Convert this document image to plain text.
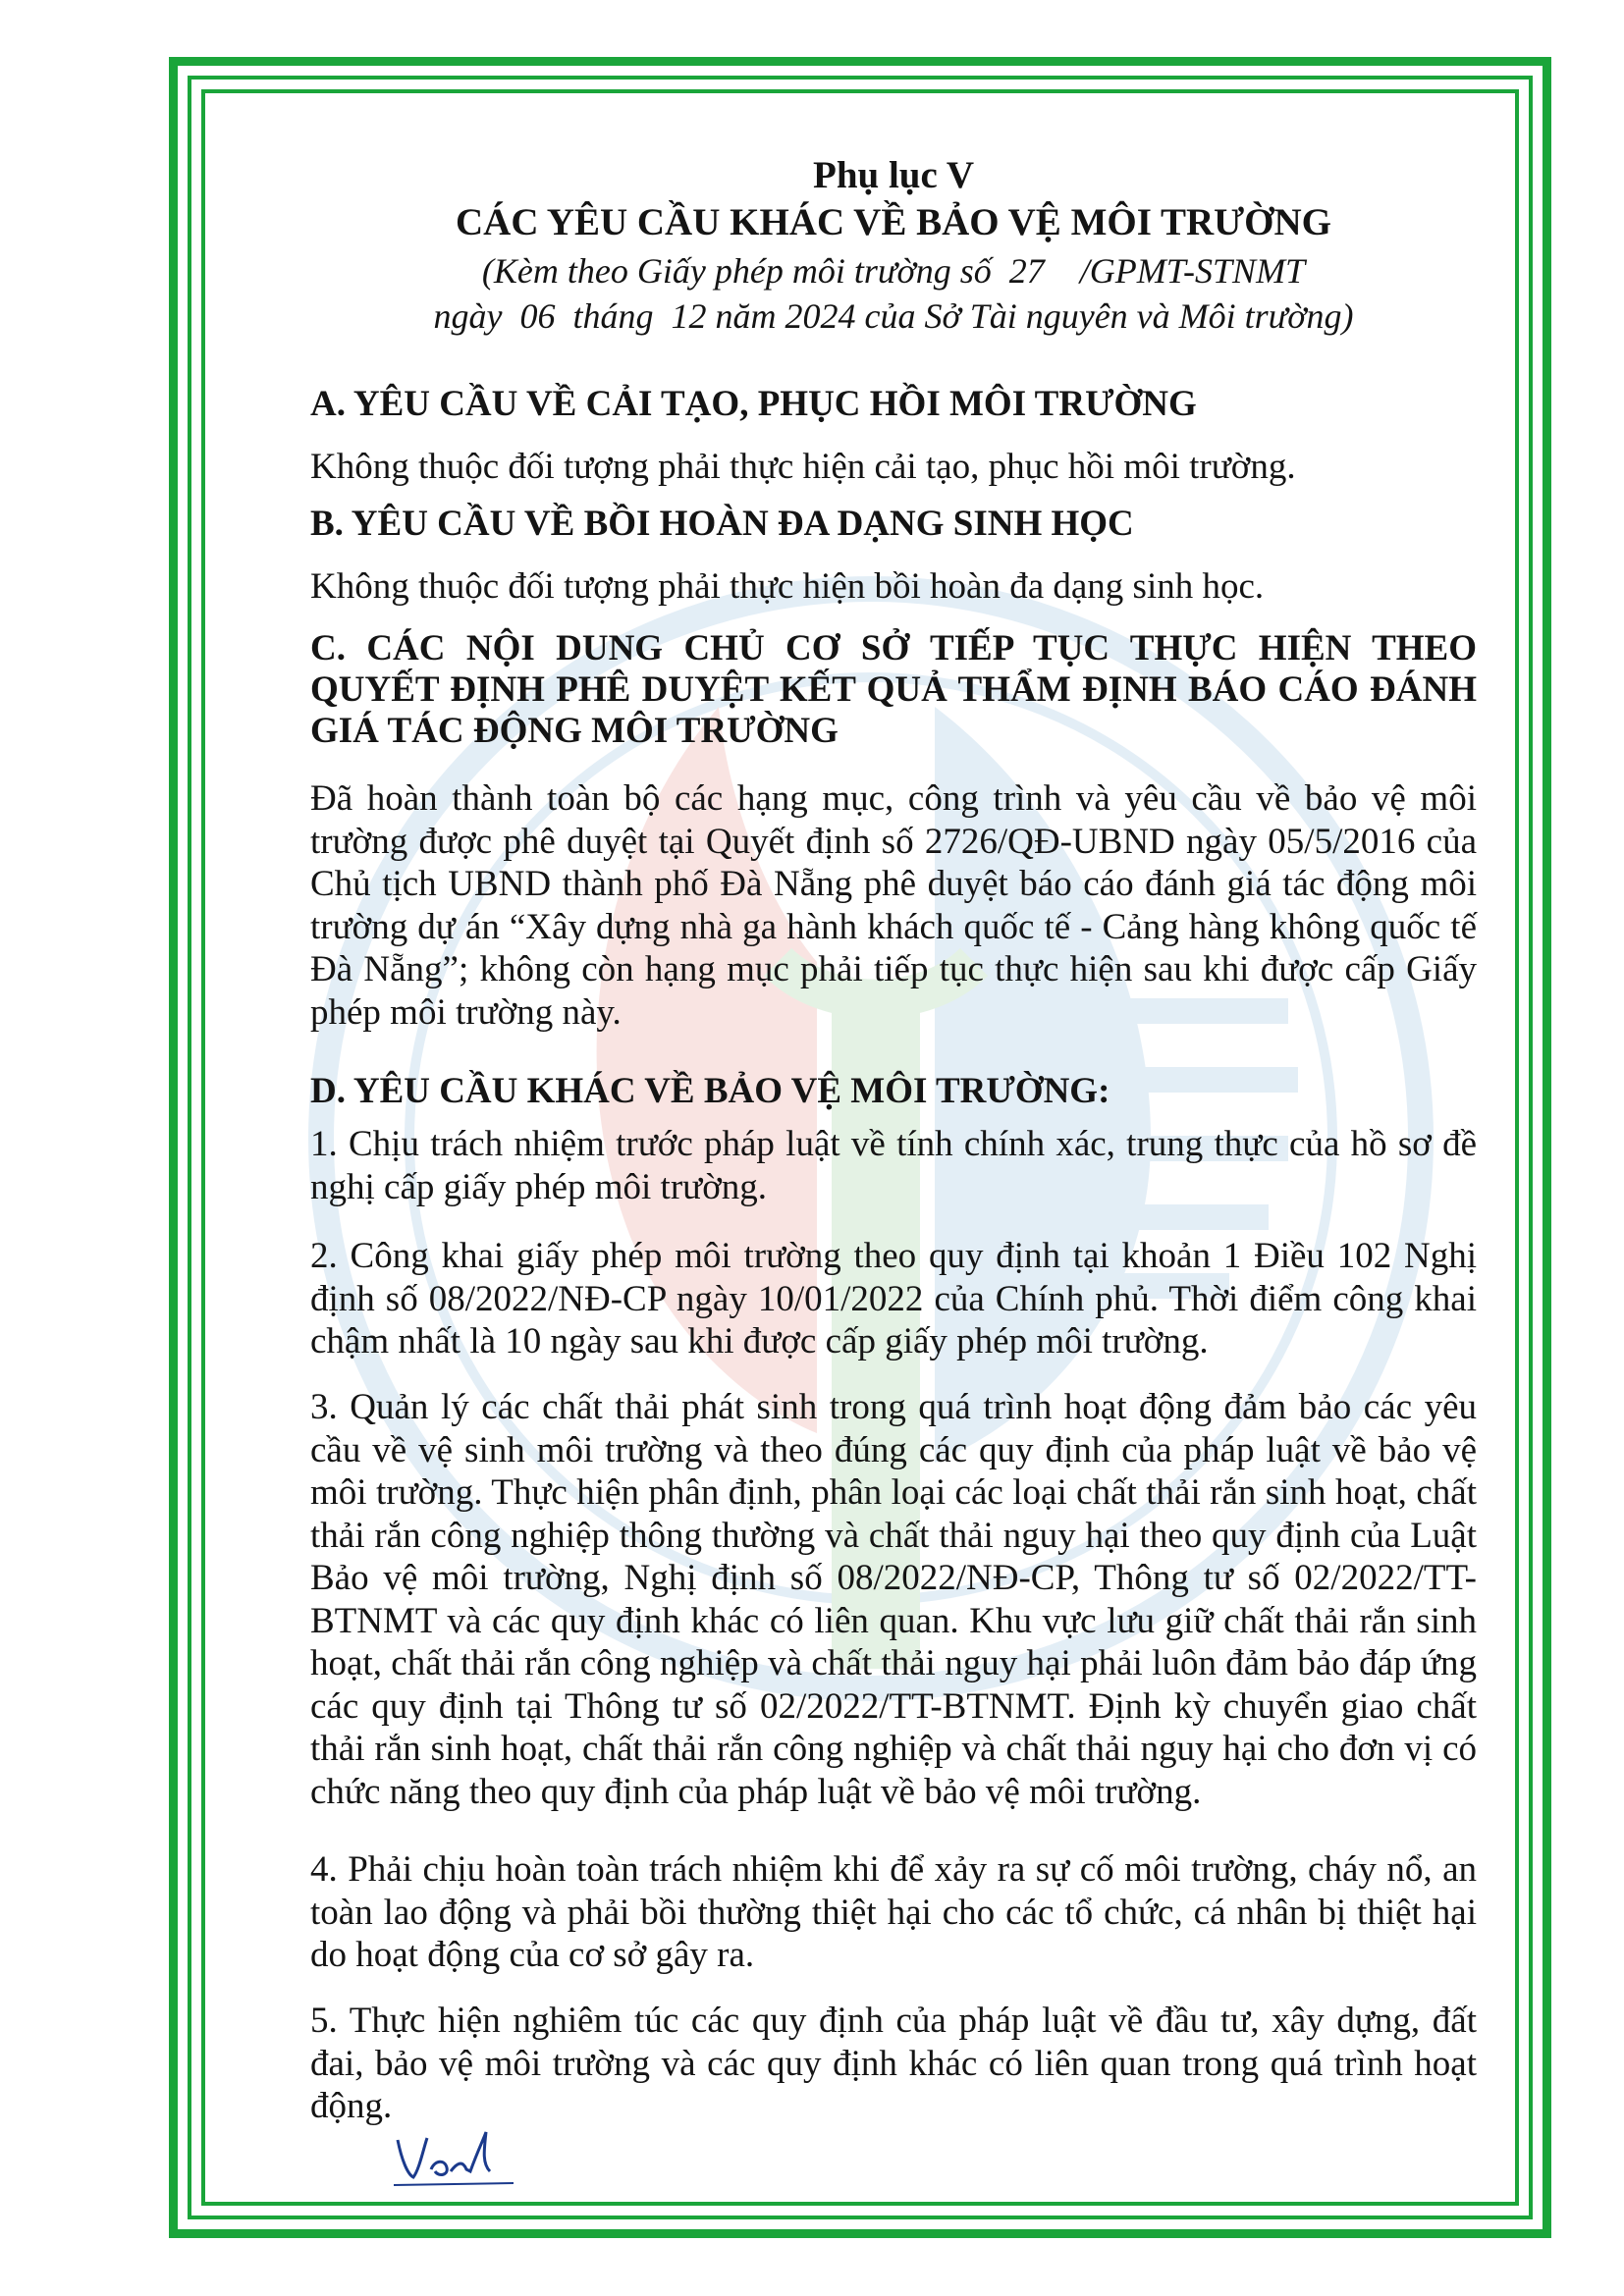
Phụ lục V
CÁC YÊU CẦU KHÁC VỀ BẢO VỆ MÔI TRƯỜNG
(Kèm theo Giấy phép môi trường số 27 /GPMT-STNMT
ngày 06 tháng 12 năm 2024 của Sở Tài nguyên và Môi trường)
A. YÊU CẦU VỀ CẢI TẠO, PHỤC HỒI MÔI TRƯỜNG
Không thuộc đối tượng phải thực hiện cải tạo, phục hồi môi trường.
B. YÊU CẦU VỀ BỒI HOÀN ĐA DẠNG SINH HỌC
Không thuộc đối tượng phải thực hiện bồi hoàn đa dạng sinh học.
C. CÁC NỘI DUNG CHỦ CƠ SỞ TIẾP TỤC THỰC HIỆN THEO QUYẾT ĐỊNH PHÊ DUYỆT KẾT QUẢ THẨM ĐỊNH BÁO CÁO ĐÁNH GIÁ TÁC ĐỘNG MÔI TRƯỜNG
Đã hoàn thành toàn bộ các hạng mục, công trình và yêu cầu về bảo vệ môi trường được phê duyệt tại Quyết định số 2726/QĐ-UBND ngày 05/5/2016 của Chủ tịch UBND thành phố Đà Nẵng phê duyệt báo cáo đánh giá tác động môi trường dự án “Xây dựng nhà ga hành khách quốc tế - Cảng hàng không quốc tế Đà Nẵng”; không còn hạng mục phải tiếp tục thực hiện sau khi được cấp Giấy phép môi trường này.
D. YÊU CẦU KHÁC VỀ BẢO VỆ MÔI TRƯỜNG:
1. Chịu trách nhiệm trước pháp luật về tính chính xác, trung thực của hồ sơ đề nghị cấp giấy phép môi trường.
2. Công khai giấy phép môi trường theo quy định tại khoản 1 Điều 102 Nghị định số 08/2022/NĐ-CP ngày 10/01/2022 của Chính phủ. Thời điểm công khai chậm nhất là 10 ngày sau khi được cấp giấy phép môi trường.
3. Quản lý các chất thải phát sinh trong quá trình hoạt động đảm bảo các yêu cầu về vệ sinh môi trường và theo đúng các quy định của pháp luật về bảo vệ môi trường. Thực hiện phân định, phân loại các loại chất thải rắn sinh hoạt, chất thải rắn công nghiệp thông thường và chất thải nguy hại theo quy định của Luật Bảo vệ môi trường, Nghị định số 08/2022/NĐ-CP, Thông tư số 02/2022/TT-BTNMT và các quy định khác có liên quan. Khu vực lưu giữ chất thải rắn sinh hoạt, chất thải rắn công nghiệp và chất thải nguy hại phải luôn đảm bảo đáp ứng các quy định tại Thông tư số 02/2022/TT-BTNMT. Định kỳ chuyển giao chất thải rắn sinh hoạt, chất thải rắn công nghiệp và chất thải nguy hại cho đơn vị có chức năng theo quy định của pháp luật về bảo vệ môi trường.
4. Phải chịu hoàn toàn trách nhiệm khi để xảy ra sự cố môi trường, cháy nổ, an toàn lao động và phải bồi thường thiệt hại cho các tổ chức, cá nhân bị thiệt hại do hoạt động của cơ sở gây ra.
5. Thực hiện nghiêm túc các quy định của pháp luật về đầu tư, xây dựng, đất đai, bảo vệ môi trường và các quy định khác có liên quan trong quá trình hoạt động.
